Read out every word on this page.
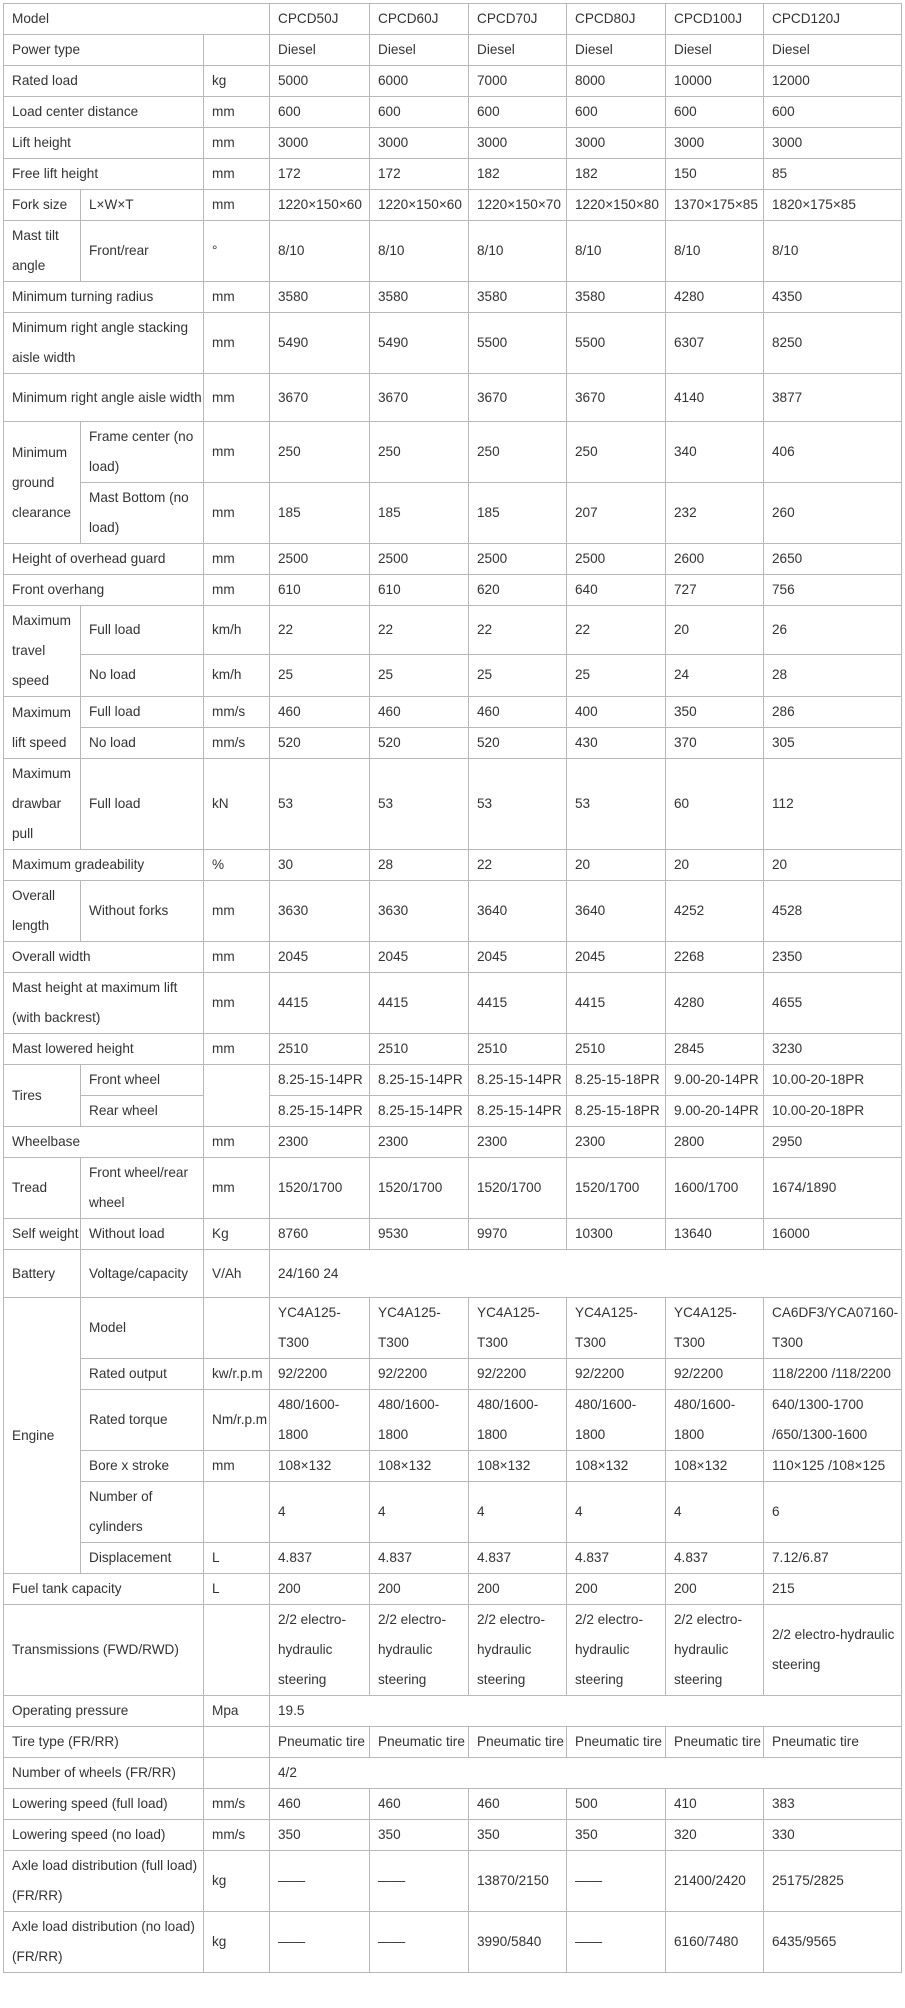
Model			CPCD50J	CPCD60J	CPCD70J	CPCD80J	CPCD100J	CPCD120J
Power type			Diesel	Diesel	Diesel	Diesel	Diesel	Diesel
Rated load		kg	5000	6000	7000	8000	10000	12000
Load center distance		mm	600	600	600	600	600	600
Lift height		mm	3000	3000	3000	3000	3000	3000
Free lift height		mm	172	172	182	182	150	85
Fork size	L×W×T	mm	1220×150×60	1220×150×60	1220×150×70	1220×150×80	1370×175×85	1820×175×85
Mast tilt angle	Front/rear	°	8/10	8/10	8/10	8/10	8/10	8/10
Minimum turning radius		mm	3580	3580	3580	3580	4280	4350
Minimum right angle stacking aisle width		mm	5490	5490	5500	5500	6307	8250
Minimum right angle aisle width		mm	3670	3670	3670	3670	4140	3877
Minimum ground clearance	Frame center (no load)	mm	250	250	250	250	340	406
	Mast Bottom (no load)	mm	185	185	185	207	232	260
Height of overhead guard		mm	2500	2500	2500	2500	2600	2650
Front overhang		mm	610	610	620	640	727	756
Maximum travel speed	Full load	km/h	22	22	22	22	20	26
	No load	km/h	25	25	25	25	24	28
Maximum lift speed	Full load	mm/s	460	460	460	400	350	286
	No load	mm/s	520	520	520	430	370	305
Maximum drawbar pull	Full load	kN	53	53	53	53	60	112
Maximum gradeability		%	30	28	22	20	20	20
Overall length	Without forks	mm	3630	3630	3640	3640	4252	4528
Overall width		mm	2045	2045	2045	2045	2268	2350
Mast height at maximum lift (with backrest)		mm	4415	4415	4415	4415	4280	4655
Mast lowered height		mm	2510	2510	2510	2510	2845	3230
Tires	Front wheel		8.25-15-14PR	8.25-15-14PR	8.25-15-14PR	8.25-15-18PR	9.00-20-14PR	10.00-20-18PR
	Rear wheel		8.25-15-14PR	8.25-15-14PR	8.25-15-14PR	8.25-15-18PR	9.00-20-14PR	10.00-20-18PR
Wheelbase		mm	2300	2300	2300	2300	2800	2950
Tread	Front wheel/rear wheel	mm	1520/1700	1520/1700	1520/1700	1520/1700	1600/1700	1674/1890
Self weight	Without load	Kg	8760	9530	9970	10300	13640	16000
Battery	Voltage/capacity	V/Ah	24/160 24					
Engine	Model		YC4A125-T300	YC4A125-T300	YC4A125-T300	YC4A125-T300	YC4A125-T300	CA6DF3/YCA07160-T300
	Rated output	kw/r.p.m	92/2200	92/2200	92/2200	92/2200	92/2200	118/2200 /118/2200
	Rated torque	Nm/r.p.m	480/1600-1800	480/1600-1800	480/1600-1800	480/1600-1800	480/1600-1800	640/1300-1700 /650/1300-1600
	Bore x stroke	mm	108×132	108×132	108×132	108×132	108×132	110×125 /108×125
	Number of cylinders		4	4	4	4	4	6
	Displacement	L	4.837	4.837	4.837	4.837	4.837	7.12/6.87
Fuel tank capacity		L	200	200	200	200	200	215
Transmissions (FWD/RWD)			2/2 electro-hydraulic steering	2/2 electro-hydraulic steering	2/2 electro-hydraulic steering	2/2 electro-hydraulic steering	2/2 electro-hydraulic steering	2/2 electro-hydraulic steering
Operating pressure		Mpa	19.5					
Tire type (FR/RR)			Pneumatic tire	Pneumatic tire	Pneumatic tire	Pneumatic tire	Pneumatic tire	Pneumatic tire
Number of wheels (FR/RR)			4/2					
Lowering speed (full load)		mm/s	460	460	460	500	410	383
Lowering speed (no load)		mm/s	350	350	350	350	320	330
Axle load distribution (full load) (FR/RR)		kg	——	——	13870/2150	——	21400/2420	25175/2825
Axle load distribution (no load) (FR/RR)		kg	——	——	3990/5840	——	6160/7480	6435/9565
